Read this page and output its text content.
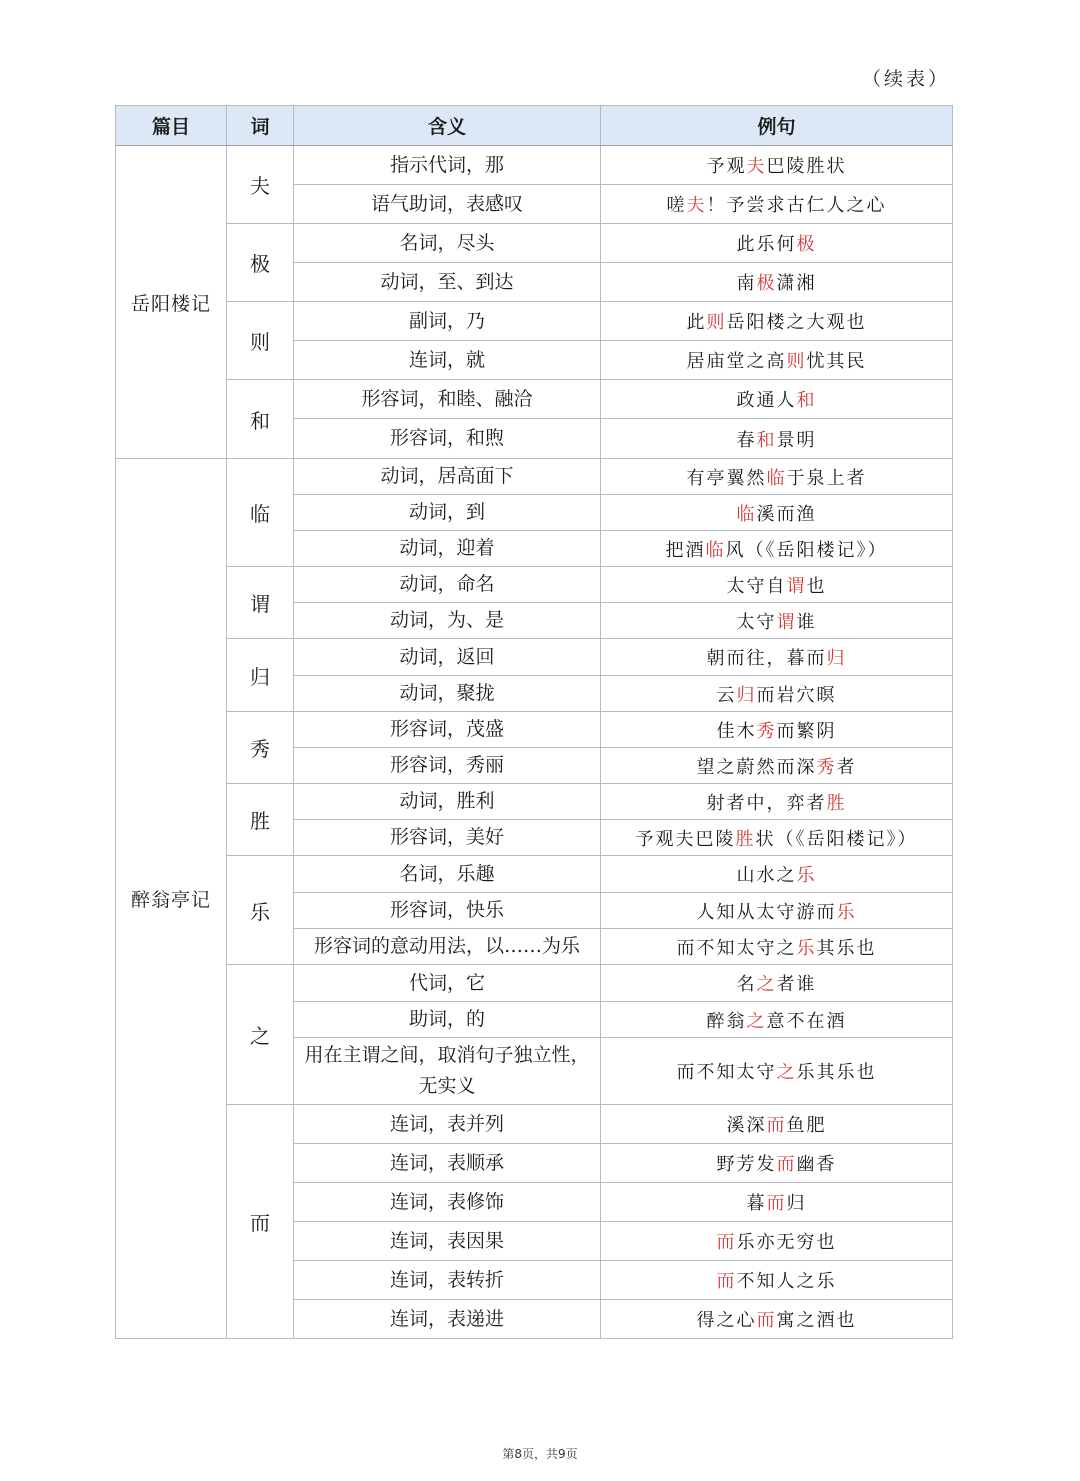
（续表）
篇目	词	含义	例句
岳阳楼记	夫	指示代词，那	予观夫巴陵胜状
		语气助词，表感叹	嗟夫！予尝求古仁人之心
	极	名词，尽头	此乐何极
		动词，至、到达	南极潇湘
	则	副词，乃	此则岳阳楼之大观也
		连词，就	居庙堂之高则忧其民
	和	形容词，和睦、融洽	政通人和
		形容词，和煦	春和景明
醉翁亭记	临	动词，居高面下	有亭翼然临于泉上者
		动词，到	临溪而渔
		动词，迎着	把酒临风（《岳阳楼记》）
	谓	动词，命名	太守自谓也
		动词，为、是	太守谓谁
	归	动词，返回	朝而往，暮而归
		动词，聚拢	云归而岩穴暝
	秀	形容词，茂盛	佳木秀而繁阴
		形容词，秀丽	望之蔚然而深秀者
	胜	动词，胜利	射者中，弈者胜
		形容词，美好	予观夫巴陵胜状（《岳阳楼记》）
	乐	名词，乐趣	山水之乐
		形容词，快乐	人知从太守游而乐
		形容词的意动用法，以……为乐	而不知太守之乐其乐也
	之	代词，它	名之者谁
		助词，的	醉翁之意不在酒
		用在主谓之间，取消句子独立性，无实义	而不知太守之乐其乐也
	而	连词，表并列	溪深而鱼肥
		连词，表顺承	野芳发而幽香
		连词，表修饰	暮而归
		连词，表因果	而乐亦无穷也
		连词，表转折	而不知人之乐
		连词，表递进	得之心而寓之酒也
第8页，共9页
